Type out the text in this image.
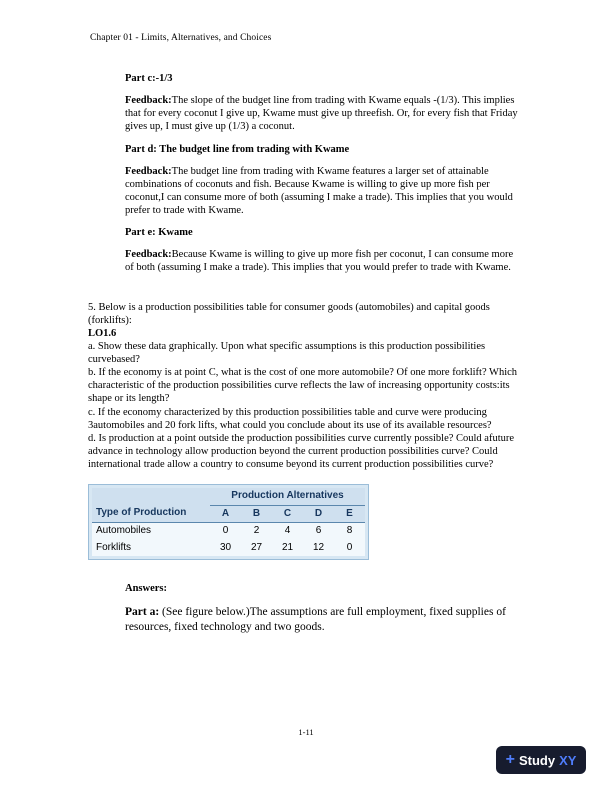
Chapter 01 - Limits, Alternatives, and Choices

Part c:-1/3

Feedback:The slope of the budget line from trading with Kwame equals -(1/3). This implies that for every coconut I give up, Kwame must give up threefish. Or, for every fish that Friday gives up, I must give up (1/3) a coconut.

Part d: The budget line from trading with Kwame

Feedback:The budget line from trading with Kwame features a larger set of attainable combinations of coconuts and fish. Because Kwame is willing to give up more fish per coconut,I can consume more of both (assuming I make a trade). This implies that you would prefer to trade with Kwame.

Part e: Kwame

Feedback:Because Kwame is willing to give up more fish per coconut, I can consume more of both (assuming I make a trade). This implies that you would prefer to trade with Kwame.

5. Below is a production possibilities table for consumer goods (automobiles) and capital goods (forklifts):

LO1.6

a. Show these data graphically. Upon what specific assumptions is this production possibilities curvebased?

b. If the economy is at point C, what is the cost of one more automobile? Of one more forklift? Which characteristic of the production possibilities curve reflects the law of increasing opportunity costs:its shape or its length?

c. If the economy characterized by this production possibilities table and curve were producing 3automobiles and 20 fork lifts, what could you conclude about its use of its available resources?

d. Is production at a point outside the production possibilities curve currently possible? Could afuture advance in technology allow production beyond the current production possibilities curve? Could international trade allow a country to consume beyond its current production possibilities curve?

	Production Alternatives				
Type of Production	A	B	C	D	E
Automobiles	0	2	4	6	8
Forklifts	30	27	21	12	0

Answers:

Part a: (See figure below.)The assumptions are full employment, fixed supplies of resources, fixed technology and two goods.

1-11
+ Study XY
